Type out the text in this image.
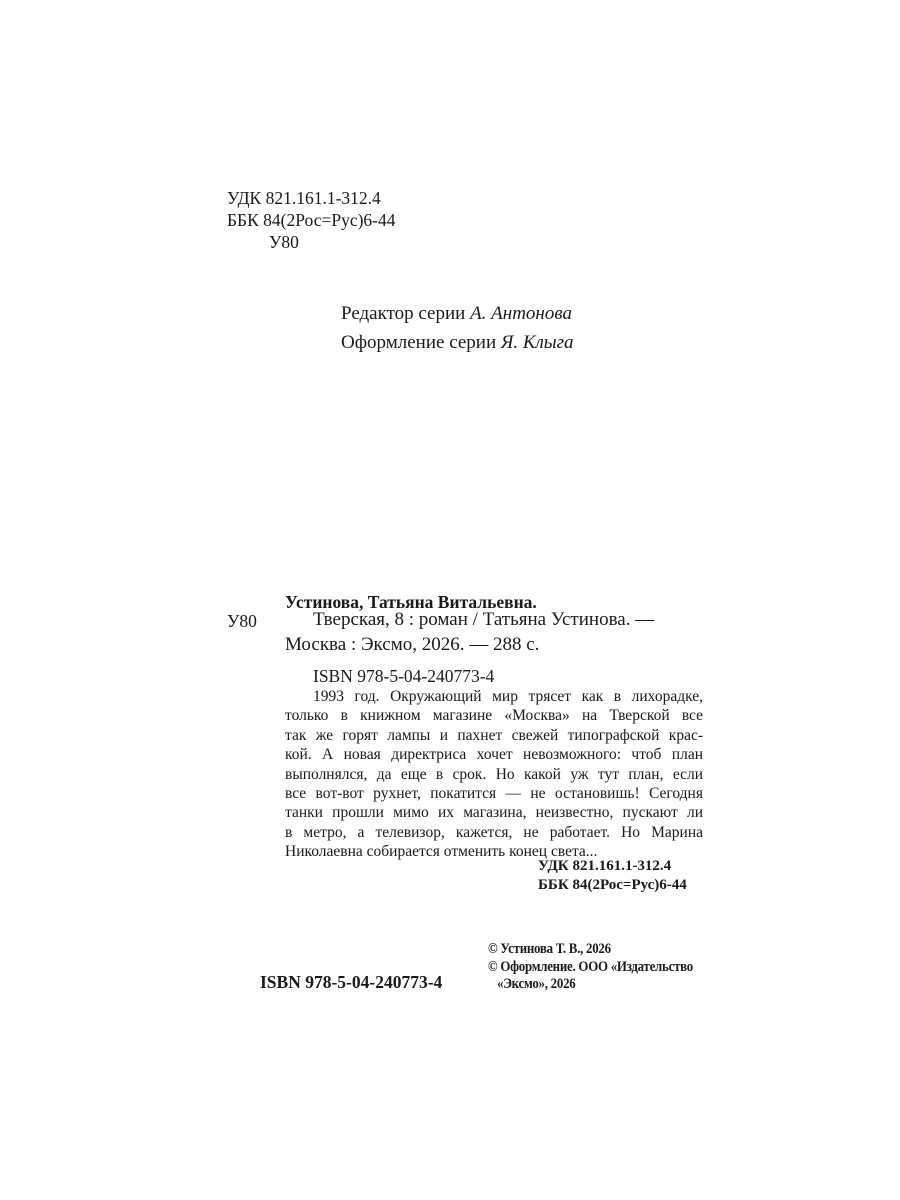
УДК 821.161.1-312.4
ББК 84(2Рос=Рус)6-44
У80
Редактор серии А. Антонова
Оформление серии Я. Клыга
Устинова, Татьяна Витальевна.
У80	Тверская, 8 : роман / Татьяна Устинова. —
Москва : Эксмо, 2026. — 288 с.
ISBN 978-5-04-240773-4
1993 год. Окружающий мир трясет как в лихорадке,
только в книжном магазине «Москва» на Тверской все
так же горят лампы и пахнет свежей типографской крас-
кой. А новая директриса хочет невозможного: чтоб план
выполнялся, да еще в срок. Но какой уж тут план, если
все вот-вот рухнет, покатится — не остановишь! Сегодня
танки прошли мимо их магазина, неизвестно, пускают ли
в метро, а телевизор, кажется, не работает. Но Марина
Николаевна собирается отменить конец света...
УДК 821.161.1-312.4
ББК 84(2Рос=Рус)6-44
ISBN 978-5-04-240773-4
© Устинова Т. В., 2026
© Оформление. ООО «Издательство
«Эксмо», 2026
